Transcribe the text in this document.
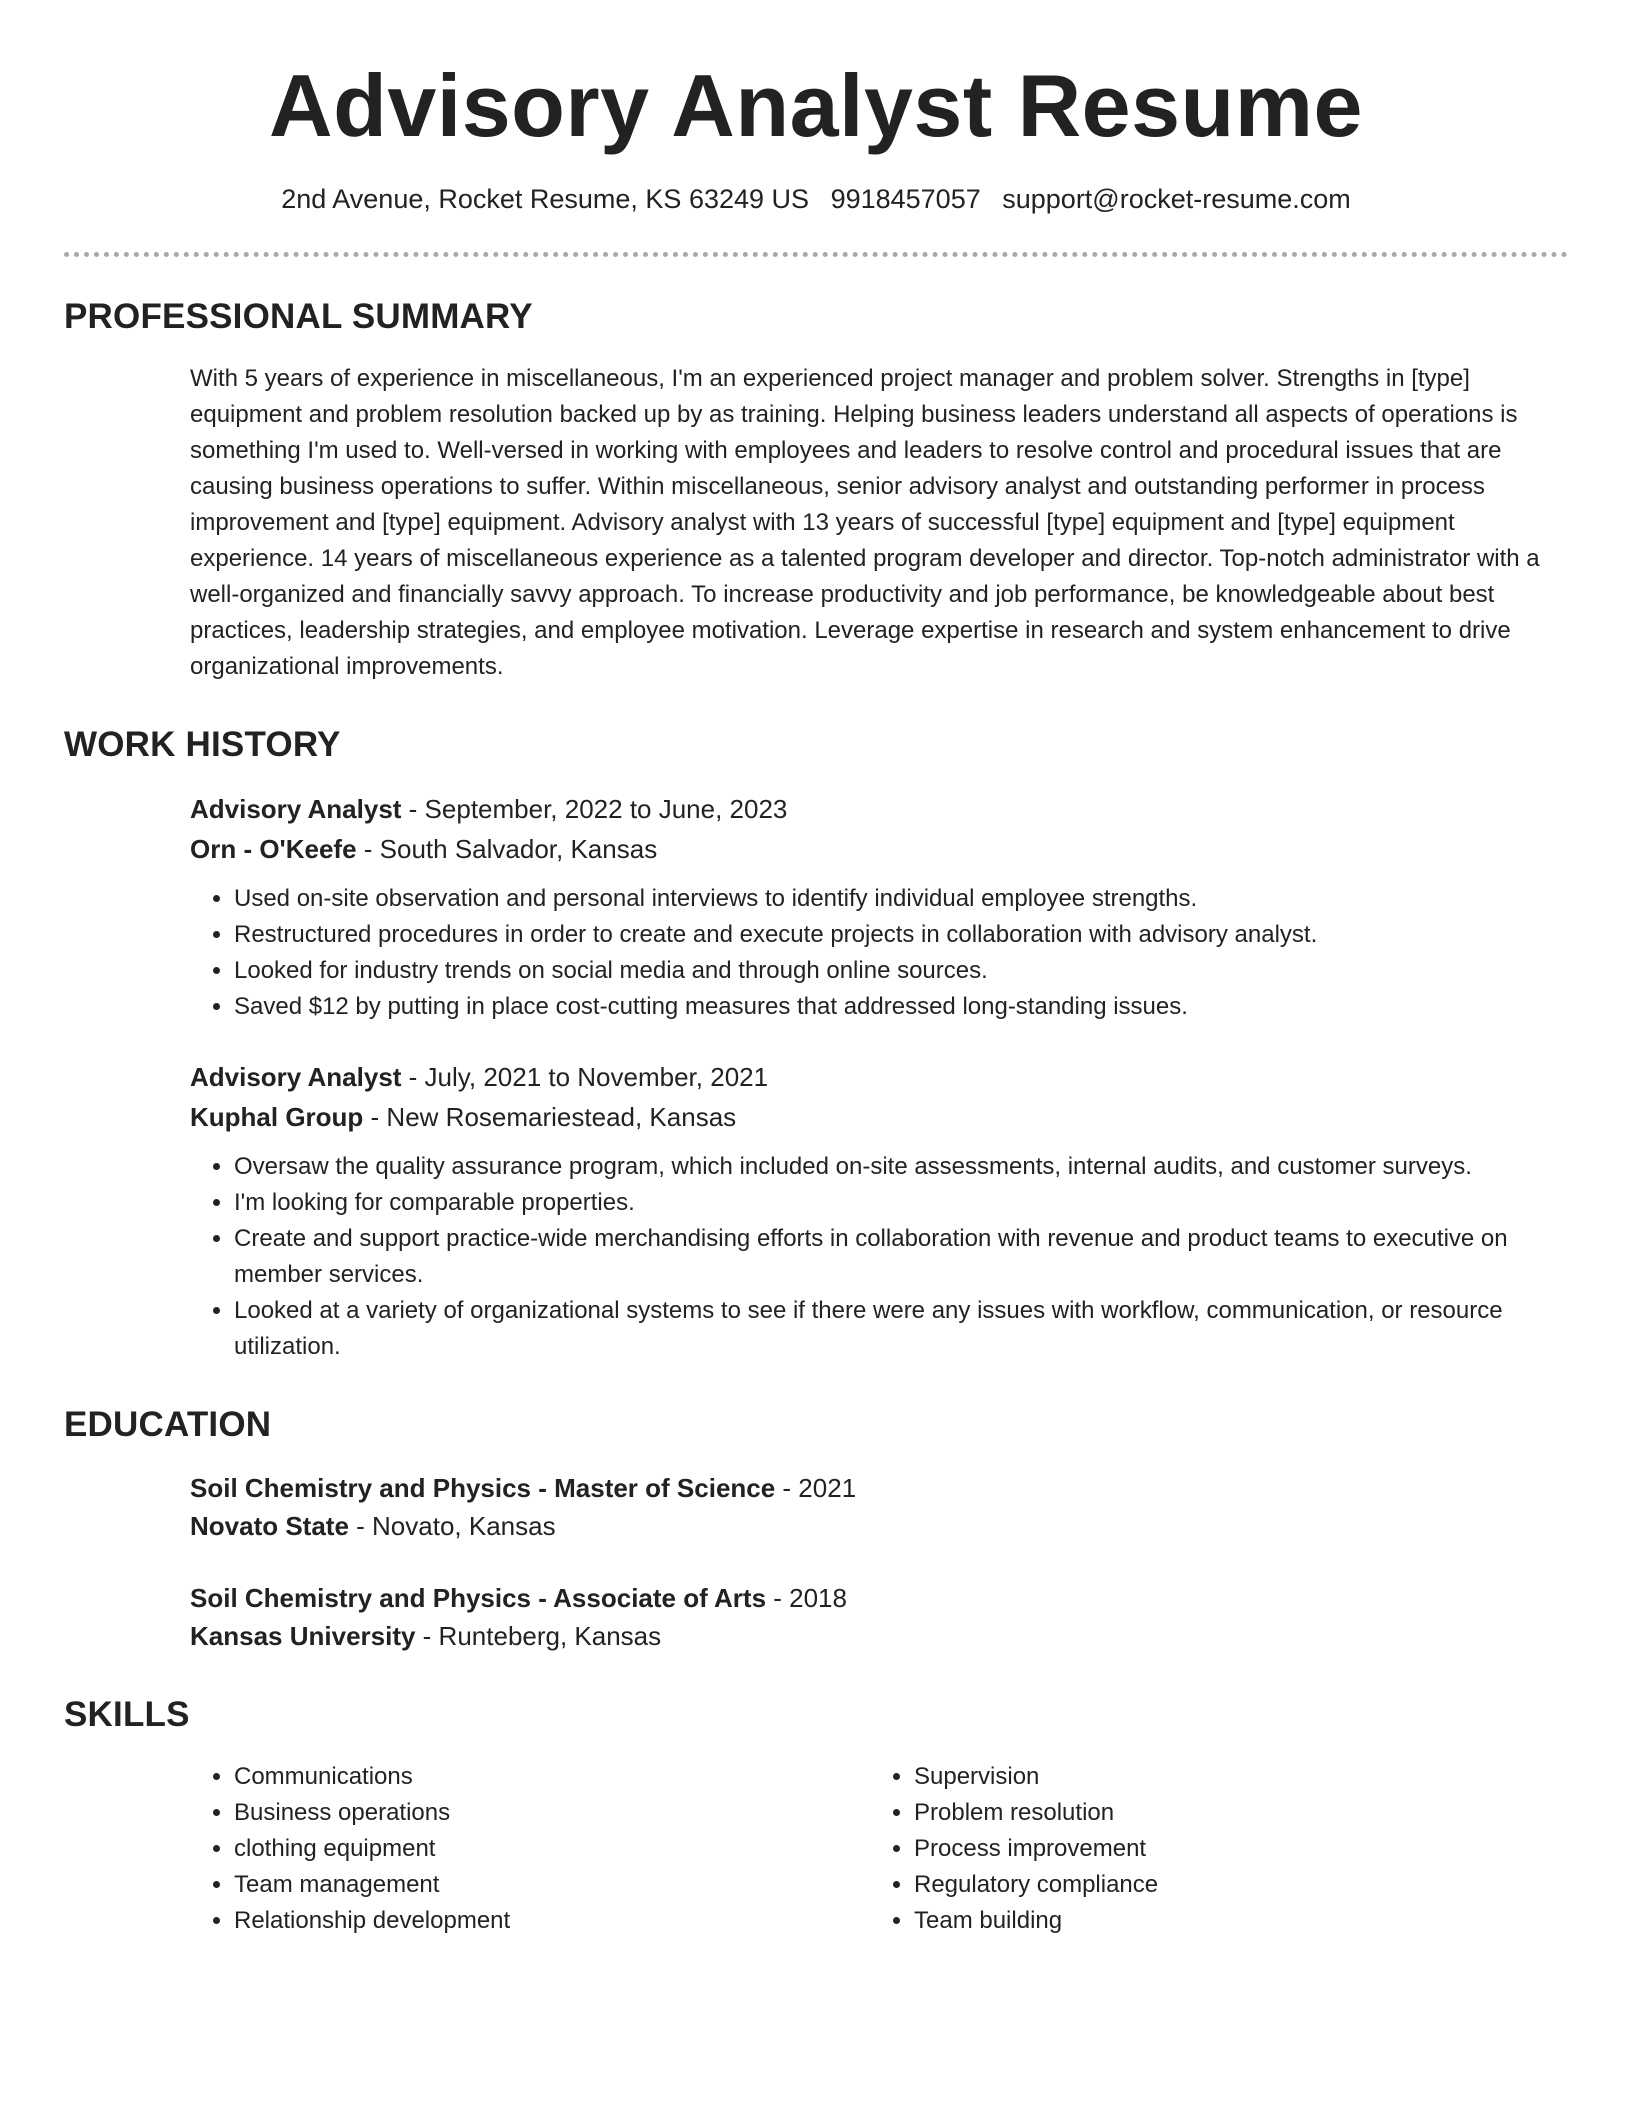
Advisory Analyst Resume
2nd Avenue, Rocket Resume, KS 63249 US 9918457057 support@rocket-resume.com
PROFESSIONAL SUMMARY

With 5 years of experience in miscellaneous, I'm an experienced project manager and problem solver. Strengths in [type] equipment and problem resolution backed up by as training. Helping business leaders understand all aspects of operations is something I'm used to. Well-versed in working with employees and leaders to resolve control and procedural issues that are causing business operations to suffer. Within miscellaneous, senior advisory analyst and outstanding performer in process improvement and [type] equipment. Advisory analyst with 13 years of successful [type] equipment and [type] equipment experience. 14 years of miscellaneous experience as a talented program developer and director. Top-notch administrator with a well-organized and financially savvy approach. To increase productivity and job performance, be knowledgeable about best practices, leadership strategies, and employee motivation. Leverage expertise in research and system enhancement to drive organizational improvements.

WORK HISTORY
Advisory Analyst - September, 2022 to June, 2023
Orn - O'Keefe - South Salvador, Kansas
• Used on-site observation and personal interviews to identify individual employee strengths.
• Restructured procedures in order to create and execute projects in collaboration with advisory analyst.
• Looked for industry trends on social media and through online sources.
• Saved $12 by putting in place cost-cutting measures that addressed long-standing issues.
Advisory Analyst - July, 2021 to November, 2021
Kuphal Group - New Rosemariestead, Kansas
• Oversaw the quality assurance program, which included on-site assessments, internal audits, and customer surveys.
• I'm looking for comparable properties.
• Create and support practice-wide merchandising efforts in collaboration with revenue and product teams to executive on member services.
• Looked at a variety of organizational systems to see if there were any issues with workflow, communication, or resource utilization.
EDUCATION
Soil Chemistry and Physics - Master of Science - 2021
Novato State - Novato, Kansas
Soil Chemistry and Physics - Associate of Arts - 2018
Kansas University - Runteberg, Kansas
SKILLS
• Communications
• Business operations
• clothing equipment
• Team management
• Relationship development
• Supervision
• Problem resolution
• Process improvement
• Regulatory compliance
• Team building
